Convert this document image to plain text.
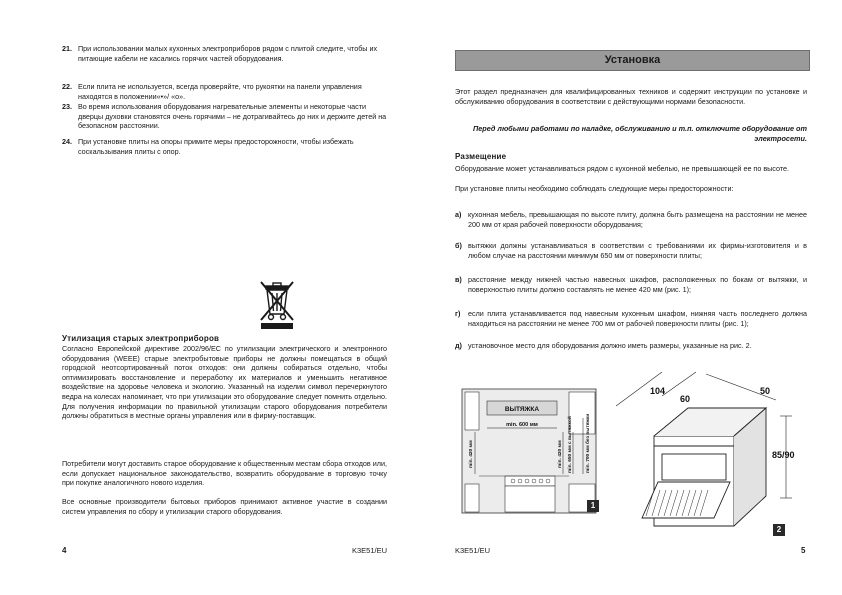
21. При использовании малых кухонных электроприборов рядом с плитой следите, чтобы их питающие кабели не касались горячих частей оборудования.
22. Если плита не используется, всегда проверяйте, что рукоятки на панели управления находятся в положении«•»/ «о».
23. Во время использования оборудования нагревательные элементы и некоторые части дверцы духовки становятся очень горячими – не дотрагивайтесь до них и держите детей на безопасном расстоянии.
24. При установке плиты на опоры примите меры предосторожности, чтобы избежать соскальзывания плиты с опор.
Утилизация старых электроприборов
Согласно Европейской директиве 2002/96/EC по утилизации электрического и электронного оборудования (WEEE) старые электробытовые приборы не должны помещаться в общий городской неотсортированный поток отходов: они должны собираться отдельно, чтобы оптимизировать восстановление и переработку их материалов и уменьшить негативное воздействие на здоровье человека и экологию. Указанный на изделии символ перечеркнутого ведра на колесах напоминает, что при утилизации это оборудование следует помнить отдельно. Для получения информации по правильной утилизации старого оборудования потребители должны обратиться в местные органы управления или в фирму-поставщик.
Потребители могут доставить старое оборудование к общественным местам сбора отходов или, если допускает национальное законодательство, возвратить оборудование в торговую точку при покупке аналогичного нового изделия.
Все основные производители бытовых приборов принимают активное участие в создании систем управления по сбору и утилизации старого оборудования.
4	K3E51/EU
Установка
Этот раздел предназначен для квалифицированных техников и содержит инструкции по установке и обслуживанию оборудования в соответствии с действующими нормами безопасности.
Перед любыми работами по наладке, обслуживанию и т.п. отключите оборудование от электросети.
Размещение
Оборудование может устанавливаться рядом с кухонной мебелью, не превышающей ее по высоте.
При установке плиты необходимо соблюдать следующие меры предосторожности:
а) кухонная мебель, превышающая по высоте плиту, должна быть размещена на расстоянии не менее 200 мм от края рабочей поверхности оборудования;
б) вытяжки должны устанавливаться в соответствии с требованиями их фирмы-изготовителя и в любом случае на расстоянии минимум 650 мм от поверхности плиты;
в) расстояние между нижней частью навесных шкафов, расположенных по бокам от вытяжки, и поверхностью плиты должно составлять не менее 420 мм (рис. 1);
г) если плита устанавливается под навесным кухонным шкафом, нижняя часть последнего должна находиться на расстоянии не менее 700 мм от рабочей поверхности плиты (рис. 1);
д) установочное место для оборудования должно иметь размеры, указанные на рис. 2.
ВЫТЯЖКА
min. 600 мм
min. 420 мм	min. 420 мм	min. 650 мм с вытяжкой	min. 700 мм без вытяжки
1
104
60
50
85/90
2
K3E51/EU	5
